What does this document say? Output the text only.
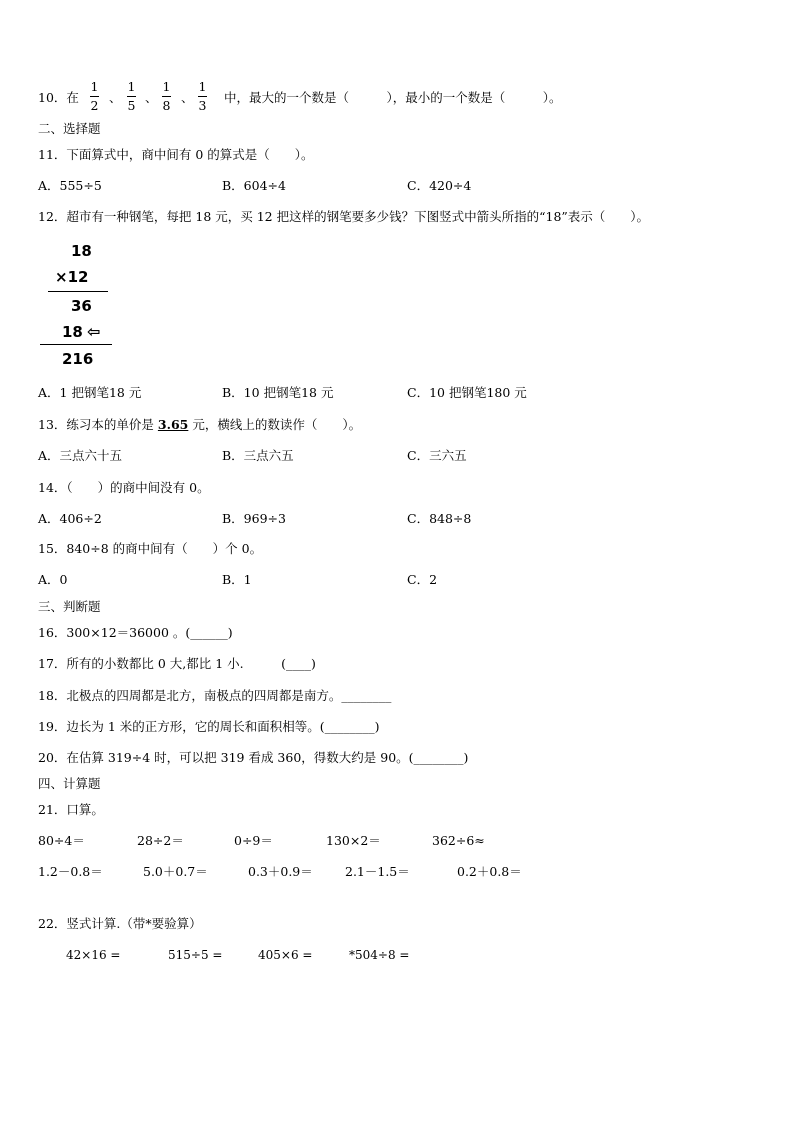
10．在
1
2
、
1
5
、
1
8
、
1
3
中，最大的一个数是（　　　），最小的一个数是（　　　）。
二、选择题
11．下面算式中，商中间有 0 的算式是（　　）。
A．555÷5	B．604÷4	C．420÷4
12．超市有一种钢笔，每把 18 元，买 12 把这样的钢笔要多少钱？下图竖式中箭头所指的“18”表示（　　）。
18
×12
36
18 ⇦
216
A．1 把钢笔18 元	B．10 把钢笔18 元	C．10 把钢笔180 元
13．练习本的单价是 3.65 元，横线上的数读作（　　）。
A．三点六十五	B．三点六五	C．三六五
14．（　　）的商中间没有 0。
A．406÷2	B．969÷3	C．848÷8
15．840÷8 的商中间有（　　）个 0。
A．0	B．1	C．2
三、判断题
16．300×12＝36000 。(______)
17．所有的小数都比 0 大,都比 1 小.　　　(____)
18．北极点的四周都是北方，南极点的四周都是南方。________
19．边长为 1 米的正方形，它的周长和面积相等。(________)
20．在估算 319÷4 时，可以把 319 看成 360，得数大约是 90。(________)
四、计算题
21．口算。
80÷4＝	28÷2＝	0÷9＝	130×2＝	362÷6≈
1.2－0.8＝	5.0＋0.7＝	0.3＋0.9＝	2.1－1.5＝	0.2＋0.8＝
22．竖式计算.（带*要验算）
42×16 =	515÷5 =	405×6 =	*504÷8 =
